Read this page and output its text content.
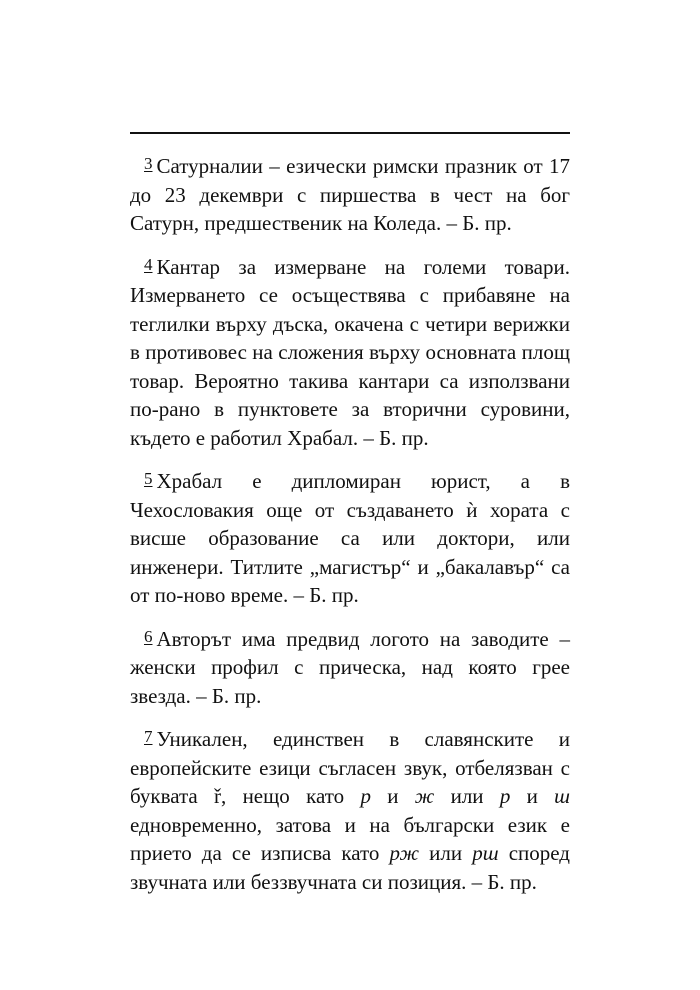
3 Сатурналии – езически римски празник от 17 до 23 декември с пиршества в чест на бог Сатурн, предшественик на Коледа. – Б. пр.

4 Кантар за измерване на големи товари. Измерването се осъществява с прибавяне на теглилки върху дъска, окачена с четири верижки в противовес на сложения върху основната площ товар. Вероятно такива кантари са използвани по-рано в пунктовете за вторични суровини, където е работил Храбал. – Б. пр.

5 Храбал е дипломиран юрист, а в Чехословакия още от създаването ѝ хората с висше образование са или доктори, или инженери. Титлите „магистър“ и „бакалавър“ са от по-ново време. – Б. пр.

6 Авторът има предвид логото на заводите – женски профил с прическа, над която грее звезда. – Б. пр.

7 Уникален, единствен в славянските и европейските езици съгласен звук, отбелязван с буквата ř, нещо като р и ж или р и ш едновременно, затова и на български език е прието да се изписва като рж или рш според звучната или беззвучната си позиция. – Б. пр.
